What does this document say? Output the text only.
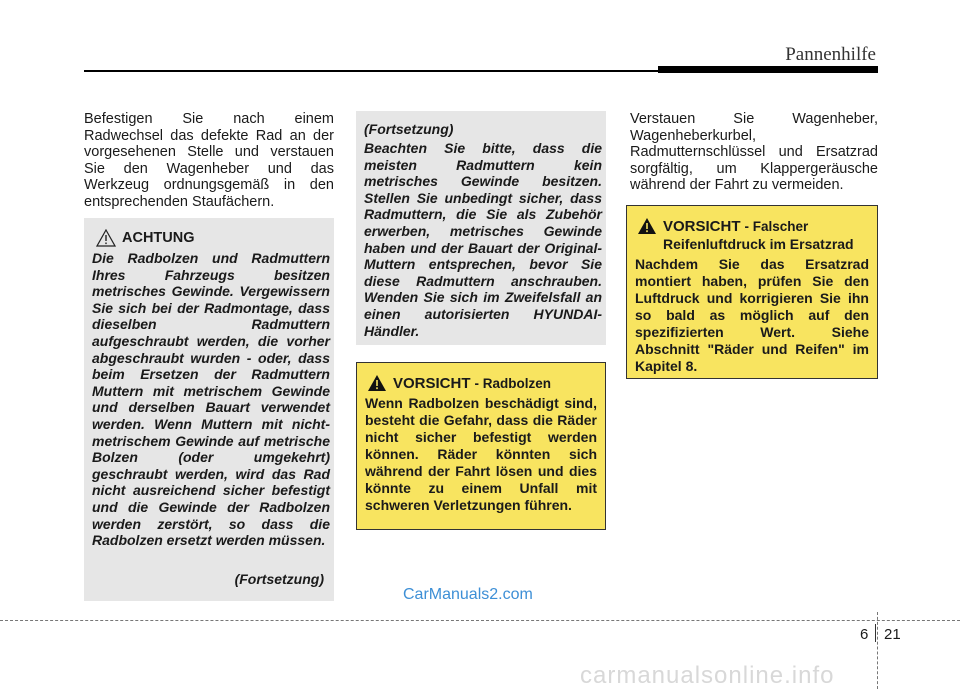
Pannenhilfe

Befestigen Sie nach einem Radwechsel das defekte Rad an der vorgesehenen Stelle und verstauen Sie den Wagenheber und das Werkzeug ordnungsgemäß in den entsprechenden Staufächern.

ACHTUNG

Die Radbolzen und Radmuttern Ihres Fahrzeugs besitzen metrisches Gewinde. Vergewissern Sie sich bei der Radmontage, dass dieselben Radmuttern aufgeschraubt werden, die vorher abgeschraubt wurden - oder, dass beim Ersetzen der Radmuttern Muttern mit metrischem Gewinde und derselben Bauart verwendet werden. Wenn Muttern mit nicht-metrischem Gewinde auf metrische Bolzen (oder umgekehrt) geschraubt werden, wird das Rad nicht ausreichend sicher befestigt und die Gewinde der Radbolzen werden zerstört, so dass die Radbolzen ersetzt werden müssen.

(Fortsetzung)
(Fortsetzung)

Beachten Sie bitte, dass die meisten Radmuttern kein metrisches Gewinde besitzen. Stellen Sie unbedingt sicher, dass Radmuttern, die Sie als Zubehör erwerben, metrisches Gewinde haben und der Bauart der Original-Muttern entsprechen, bevor Sie diese Radmuttern anschrauben. Wenden Sie sich im Zweifelsfall an einen autorisierten HYUNDAI-Händler.

VORSICHT - Radbolzen

Wenn Radbolzen beschädigt sind, besteht die Gefahr, dass die Räder nicht sicher befestigt werden können. Räder könnten sich während der Fahrt lösen und dies könnte zu einem Unfall mit schweren Verletzungen führen.

Verstauen Sie Wagenheber, Wagenheberkurbel, Radmutternschlüssel und Ersatzrad sorgfältig, um Klappergeräusche während der Fahrt zu vermeiden.

VORSICHT - Falscher
Reifenluftdruck im Ersatzrad

Nachdem Sie das Ersatzrad montiert haben, prüfen Sie den Luftdruck und korrigieren Sie ihn so bald as möglich auf den spezifizierten Wert. Siehe Abschnitt "Räder und Reifen" im Kapitel 8.

CarManuals2.com
6 21
carmanualsonline.info
